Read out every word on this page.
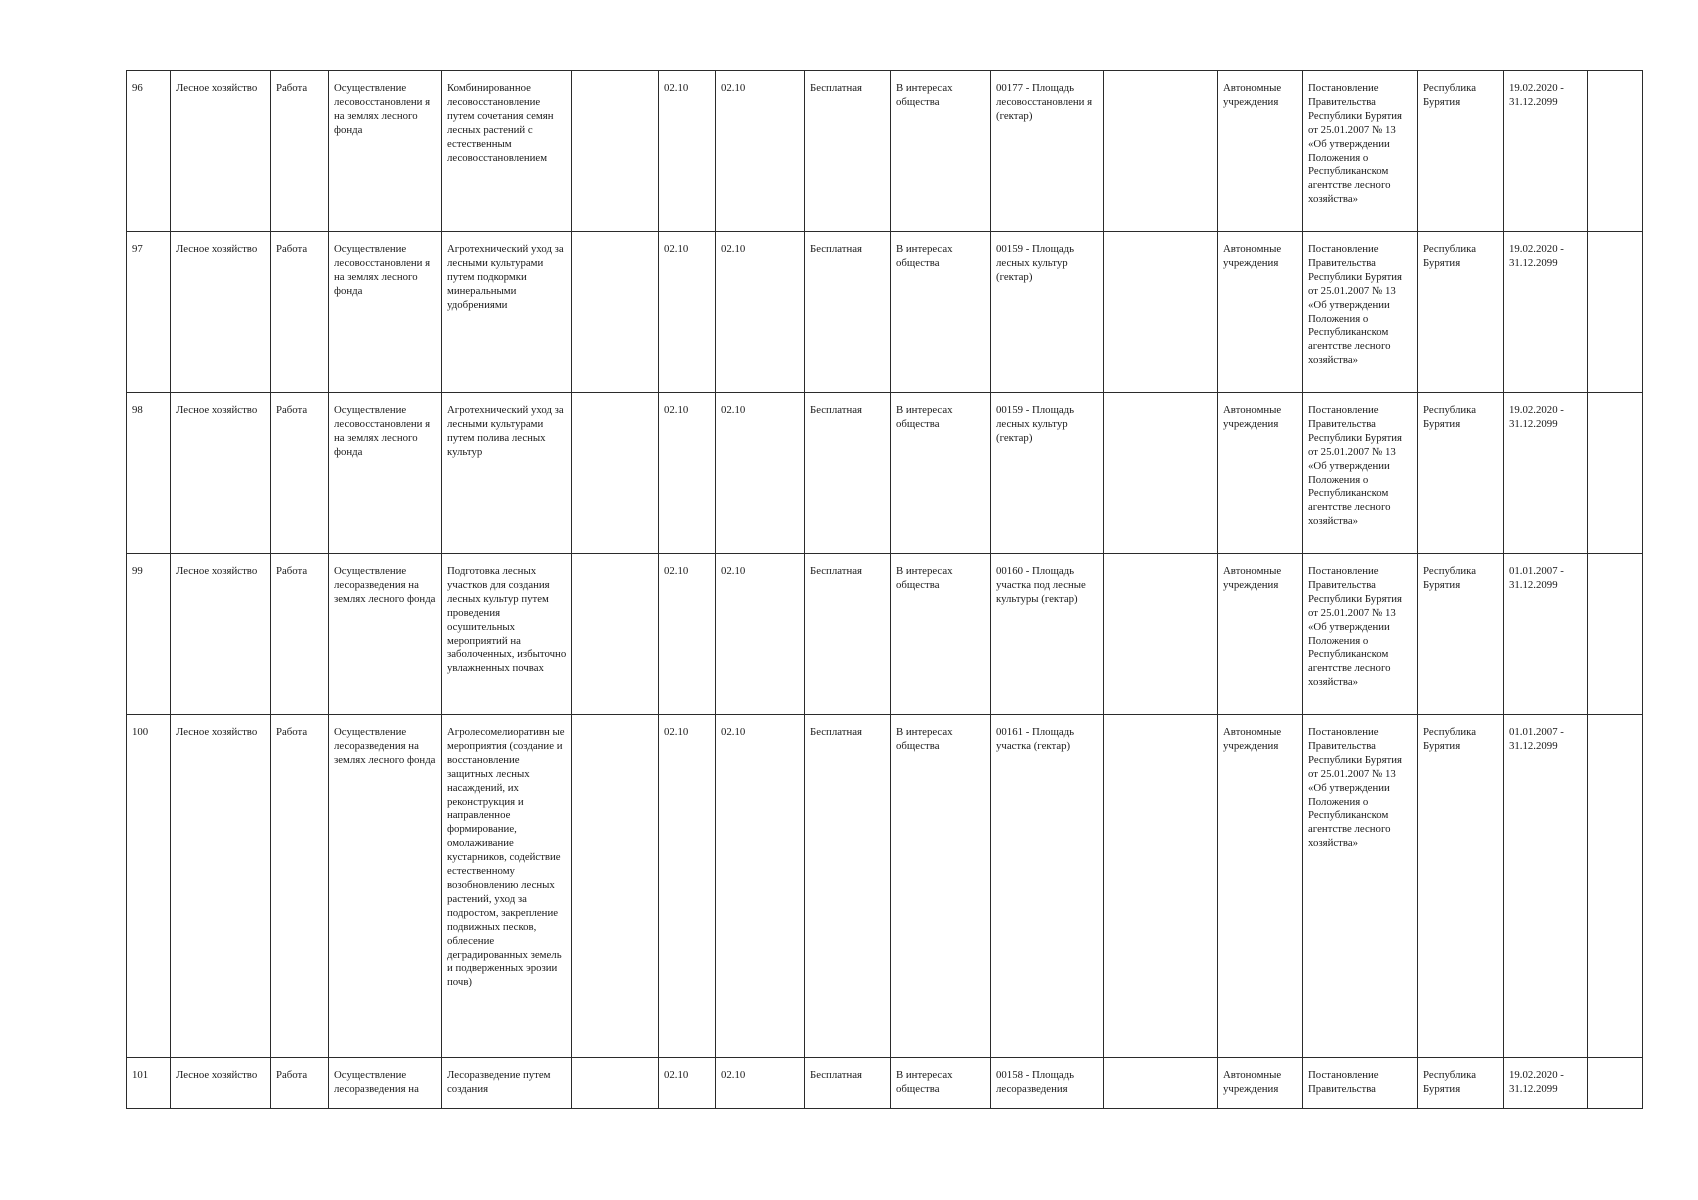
96	Лесное хозяйство	Работа	Осуществление лесовосстановлени я на землях лесного фонда	Комбинированное лесовосстановление путем сочетания семян лесных растений с естественным лесовосстановлением		02.10	02.10	Бесплатная	В интересах общества	00177 - Площадь лесовосстановлени я (гектар)		Автономные учреждения	Постановление Правительства Республики Бурятия от 25.01.2007 № 13 «Об утверждении Положения о Республиканском агентстве лесного хозяйства»	Республика Бурятия	19.02.2020 - 31.12.2099	
97	Лесное хозяйство	Работа	Осуществление лесовосстановлени я на землях лесного фонда	Агротехнический уход за лесными культурами путем подкормки минеральными удобрениями		02.10	02.10	Бесплатная	В интересах общества	00159 - Площадь лесных культур (гектар)		Автономные учреждения	Постановление Правительства Республики Бурятия от 25.01.2007 № 13 «Об утверждении Положения о Республиканском агентстве лесного хозяйства»	Республика Бурятия	19.02.2020 - 31.12.2099	
98	Лесное хозяйство	Работа	Осуществление лесовосстановлени я на землях лесного фонда	Агротехнический уход за лесными культурами путем полива лесных культур		02.10	02.10	Бесплатная	В интересах общества	00159 - Площадь лесных культур (гектар)		Автономные учреждения	Постановление Правительства Республики Бурятия от 25.01.2007 № 13 «Об утверждении Положения о Республиканском агентстве лесного хозяйства»	Республика Бурятия	19.02.2020 - 31.12.2099	
99	Лесное хозяйство	Работа	Осуществление лесоразведения на землях лесного фонда	Подготовка лесных участков для создания лесных культур путем проведения осушительных мероприятий на заболоченных, избыточно увлажненных почвах		02.10	02.10	Бесплатная	В интересах общества	00160 - Площадь участка под лесные культуры (гектар)		Автономные учреждения	Постановление Правительства Республики Бурятия от 25.01.2007 № 13 «Об утверждении Положения о Республиканском агентстве лесного хозяйства»	Республика Бурятия	01.01.2007 - 31.12.2099	
100	Лесное хозяйство	Работа	Осуществление лесоразведения на землях лесного фонда	Агролесомелиоративн ые мероприятия (создание и восстановление защитных лесных насаждений, их реконструкция и направленное формирование, омолаживание кустарников, содействие естественному возобновлению лесных растений, уход за подростом, закрепление подвижных песков, облесение деградированных земель и подверженных эрозии почв)		02.10	02.10	Бесплатная	В интересах общества	00161 - Площадь участка (гектар)		Автономные учреждения	Постановление Правительства Республики Бурятия от 25.01.2007 № 13 «Об утверждении Положения о Республиканском агентстве лесного хозяйства»	Республика Бурятия	01.01.2007 - 31.12.2099	
101	Лесное хозяйство	Работа	Осуществление лесоразведения на	Лесоразведение путем создания		02.10	02.10	Бесплатная	В интересах общества	00158 - Площадь лесоразведения		Автономные учреждения	Постановление Правительства	Республика Бурятия	19.02.2020 - 31.12.2099	
